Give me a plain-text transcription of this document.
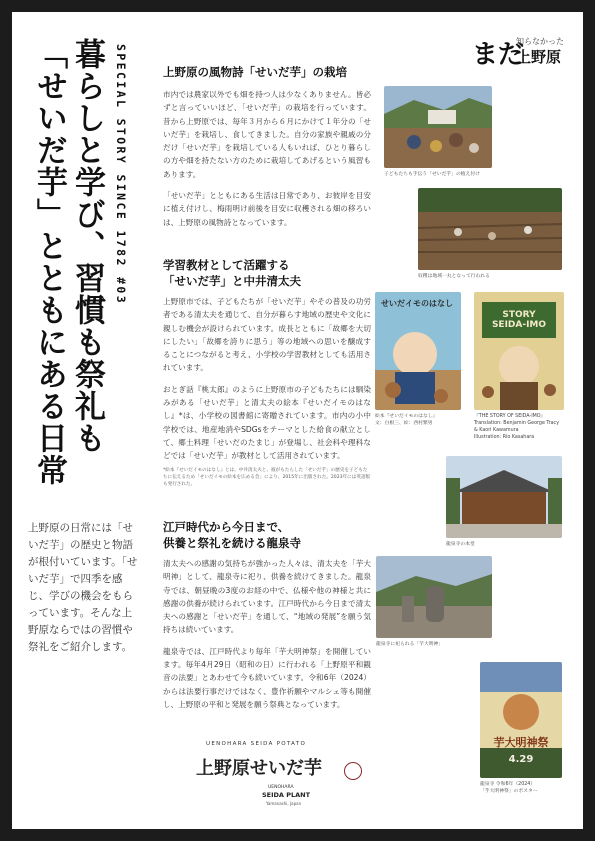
SPECIAL STORY SINCE 1782 #03
暮らしと学び、習慣も祭礼も
「せいだ芋」とともにある日常
上野原の日常には「せいだ芋」の歴史と物語が根付いています。「せいだ芋」で四季を感じ、学びの機会をもらっています。そんな上野原ならではの習慣や祭礼をご紹介します。
まだ
知らなかった
上野原
上野原の風物詩「せいだ芋」の栽培
市内では農家以外でも畑を持つ人は少なくありません。皆必ずと言っていいほど、「せいだ芋」の栽培を行っています。昔から上野原では、毎年３月から６月にかけて１年分の「せいだ芋」を栽培し、食してきました。自分の家族や親戚の分だけ「せいだ芋」を栽培している人もいれば、ひとり暮らしの方や畑を持たない方のために栽培してあげるという風習もあります。
「せいだ芋」とともにある生活は日常であり、お彼岸を目安に植え付けし、梅雨明け前後を目安に収穫される畑の移ろいは、上野原の風物詩となっています。
学習教材として活躍する
「せいだ芋」と中井清太夫
上野原市では、子どもたちが「せいだ芋」やその普及の功労者である清太夫を通じて、自分が暮らす地域の歴史や文化に親しむ機会が設けられています。成長とともに「故郷を大切にしたい」「故郷を誇りに思う」等の地域への思いを醸成することにつながると考え、小学校の学習教材としても活用されています。
おとぎ話『桃太郎』のように上野原市の子どもたちには馴染みがある「せいだ芋」と清太夫の絵本『せいだイモのはなし』*は、小学校の図書館に寄贈されています。市内の小中学校では、地産地消やSDGsをテーマとした給食の献立として、郷土料理「せいだのたまじ」が登場し、社会科や理科などでは「せいだ芋」が教材として活用されています。
*絵本『せいだイモのはなし』とは、中井清太夫と、彼がもたらした「せいだ芋」の歴史を子どもたちに伝えるため「せいだイモの絵本を広める会」により、2015年に出版された。2023年には英語版も発行された。
江戸時代から今日まで、
供養と祭礼を続ける龍泉寺
清太夫への感謝の気持ちが強かった人々は、清太夫を「芋大明神」として、龍泉寺に祀り、供養を続けてきました。龍泉寺では、朝昼晩の3度のお経の中で、仏様や他の神様と共に感謝の供養が続けられています。江戸時代から今日まで清太夫への感謝と「せいだ芋」を通して、“地域の発展”を願う気持ちは続いています。
龍泉寺では、江戸時代より毎年「芋大明神祭」を開催しています。毎年4月29日（昭和の日）に行われる「上野原平和観音の法要」とあわせて今も続いています。令和6年（2024）からは法要行事だけではなく、豊作祈願やマルシェ等も開催し、上野原の平和と発展を願う祭典となっています。
子どもたちも手伝う「せいだ芋」の植え付け
収穫は地域一丸となって行われる
せいだイモのはなし
絵本『せいだイモのはなし』
文：白根三、絵：西村繁男
STORY SEIDA-IMO
『THE STORY OF SEIDA-IMO』
Translation: Benjamin George Tracy
& Kaori Kawamura
Illustration: Rio Kasahara
龍泉寺の本堂
龍泉寺に祀られる「芋大明神」
芋大明神祭
4.29
龍泉寺 令和6年（2024）
「芋大明神祭」のポスター
UENOHARA SEIDA POTATO
上野原せいだ芋
UENOHARA
SEIDA PLANT
Yamanashi, Japan
